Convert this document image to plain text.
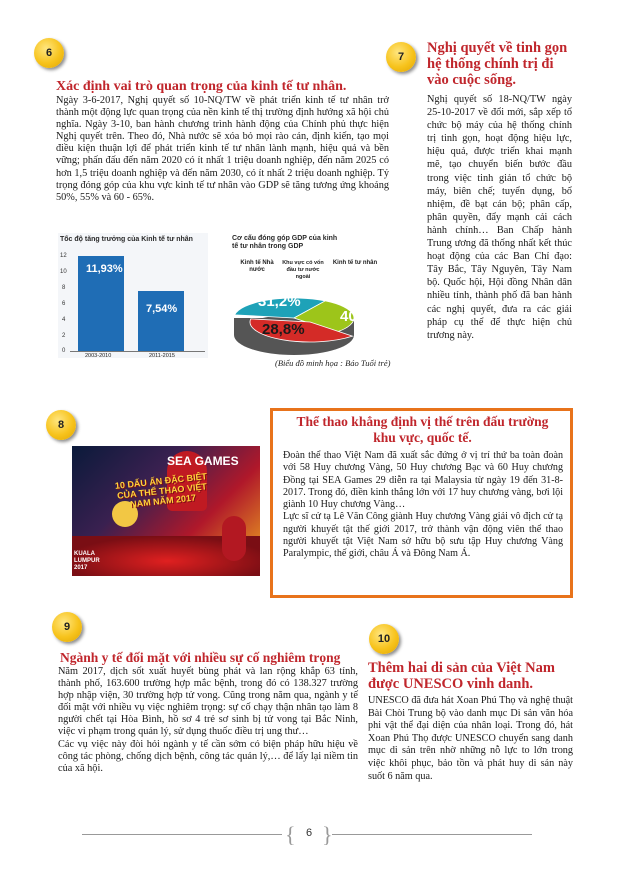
6
Xác định vai trò quan trọng của kinh tế tư nhân.

Ngày 3-6-2017, Nghị quyết số 10-NQ/TW về phát triển kinh tế tư nhân trở thành một động lực quan trọng của nền kinh tế thị trường định hướng xã hội chủ nghĩa. Ngày 3-10, ban hành chương trình hành động của Chính phủ thực hiện Nghị quyết trên. Theo đó, Nhà nước sẽ xóa bỏ mọi rào cản, định kiến, tạo mọi điều kiện thuận lợi để phát triển kinh tế tư nhân lành mạnh, hiệu quả và bền vững; phấn đấu đến năm 2020 có ít nhất 1 triệu doanh nghiệp, đến năm 2025 có hơn 1,5 triệu doanh nghiệp và đến năm 2030, có ít nhất 2 triệu doanh nghiệp. Tỷ trọng đóng góp của khu vực kinh tế tư nhân vào GDP sẽ tăng tương ứng khoảng 50%, 55% và 60 - 65%.

Tốc độ tăng trưởng của Kinh tế tư nhân
12
10
8
6
4
2
0
11,93%
7,54%
2003-2010	2011-2015
Cơ cấu đóng góp GDP của kinh tế tư nhân trong GDP
Kinh tế Nhà nước
Khu vực có vốn đầu tư nước ngoài
Kinh tế tư nhân
31,2%
28,8%
40%
(Biểu đồ minh họa : Báo Tuổi trẻ)
7
Nghị quyết về tinh gọn hệ thống chính trị đi vào cuộc sống.

Nghị quyết số 18-NQ/TW ngày 25-10-2017 về đổi mới, sắp xếp tổ chức bộ máy của hệ thống chính trị tinh gọn, hoạt động hiệu lực, hiệu quả, được triển khai mạnh mẽ, tạo chuyển biến bước đầu trong việc tinh giản tổ chức bộ máy, biên chế; tuyển dụng, bổ nhiệm, đề bạt cán bộ; phân cấp, phân quyền, đẩy mạnh cải cách hành chính… Ban Chấp hành Trung ương đã thống nhất kết thúc hoạt động của các Ban Chỉ đạo: Tây Bắc, Tây Nguyên, Tây Nam bộ. Quốc hội, Hội đồng Nhân dân nhiều tỉnh, thành phố đã ban hành các nghị quyết, đưa ra các giải pháp cụ thể để thực hiện chủ trương này.

8
SEA GAMES
10 DẤU ẤN ĐẶC BIỆT CỦA THỂ THAO VIỆT NAM NĂM 2017
KUALA LUMPUR 2017
Thể thao khẳng định vị thế trên đấu trường khu vực, quốc tế.

Đoàn thể thao Việt Nam đã xuất sắc đứng ở vị trí thứ ba toàn đoàn với 58 Huy chương Vàng, 50 Huy chương Bạc và 60 Huy chương Đồng tại SEA Games 29 diễn ra tại Malaysia từ ngày 19 đến 31-8-2017. Trong đó, điền kinh thắng lớn với 17 huy chương vàng, bơi lội giành 10 Huy chương Vàng…

Lực sĩ cử tạ Lê Văn Công giành Huy chương Vàng giải vô địch cử tạ người khuyết tật thế giới 2017, trở thành vận động viên thể thao người khuyết tật Việt Nam sở hữu bộ sưu tập Huy chương Vàng Paralympic, thế giới, châu Á và Đông Nam Á.

9
Ngành y tế đối mặt với nhiều sự cố nghiêm trọng

Năm 2017, dịch sốt xuất huyết bùng phát và lan rộng khắp 63 tỉnh, thành phố, 163.600 trường hợp mắc bệnh, trong đó có 138.327 trường hợp nhập viện, 30 trường hợp tử vong. Cũng trong năm qua, ngành y tế đối mặt với nhiều vụ việc nghiêm trọng: sự cố chạy thận nhân tạo làm 8 người chết tại Hòa Bình, hồ sơ 4 trẻ sơ sinh bị tử vong tại Bắc Ninh, việc vi phạm trong quản lý, sử dụng thuốc điều trị ung thư…

Các vụ việc này đòi hỏi ngành y tế cần sớm có biện pháp hữu hiệu về công tác phòng, chống dịch bệnh, công tác quản lý,… để lấy lại niềm tin của xã hội.

10
Thêm hai di sản của Việt Nam được UNESCO vinh danh.

UNESCO đã đưa hát Xoan Phú Thọ và nghệ thuật Bài Chòi Trung bộ vào danh mục Di sản văn hóa phi vật thể đại diện của nhân loại. Trong đó, hát Xoan Phú Thọ được UNESCO chuyển sang danh mục di sản trên nhờ những nỗ lực to lớn trong việc khôi phục, bảo tồn và phát huy di sản này suốt 6 năm qua.

{ }
6
